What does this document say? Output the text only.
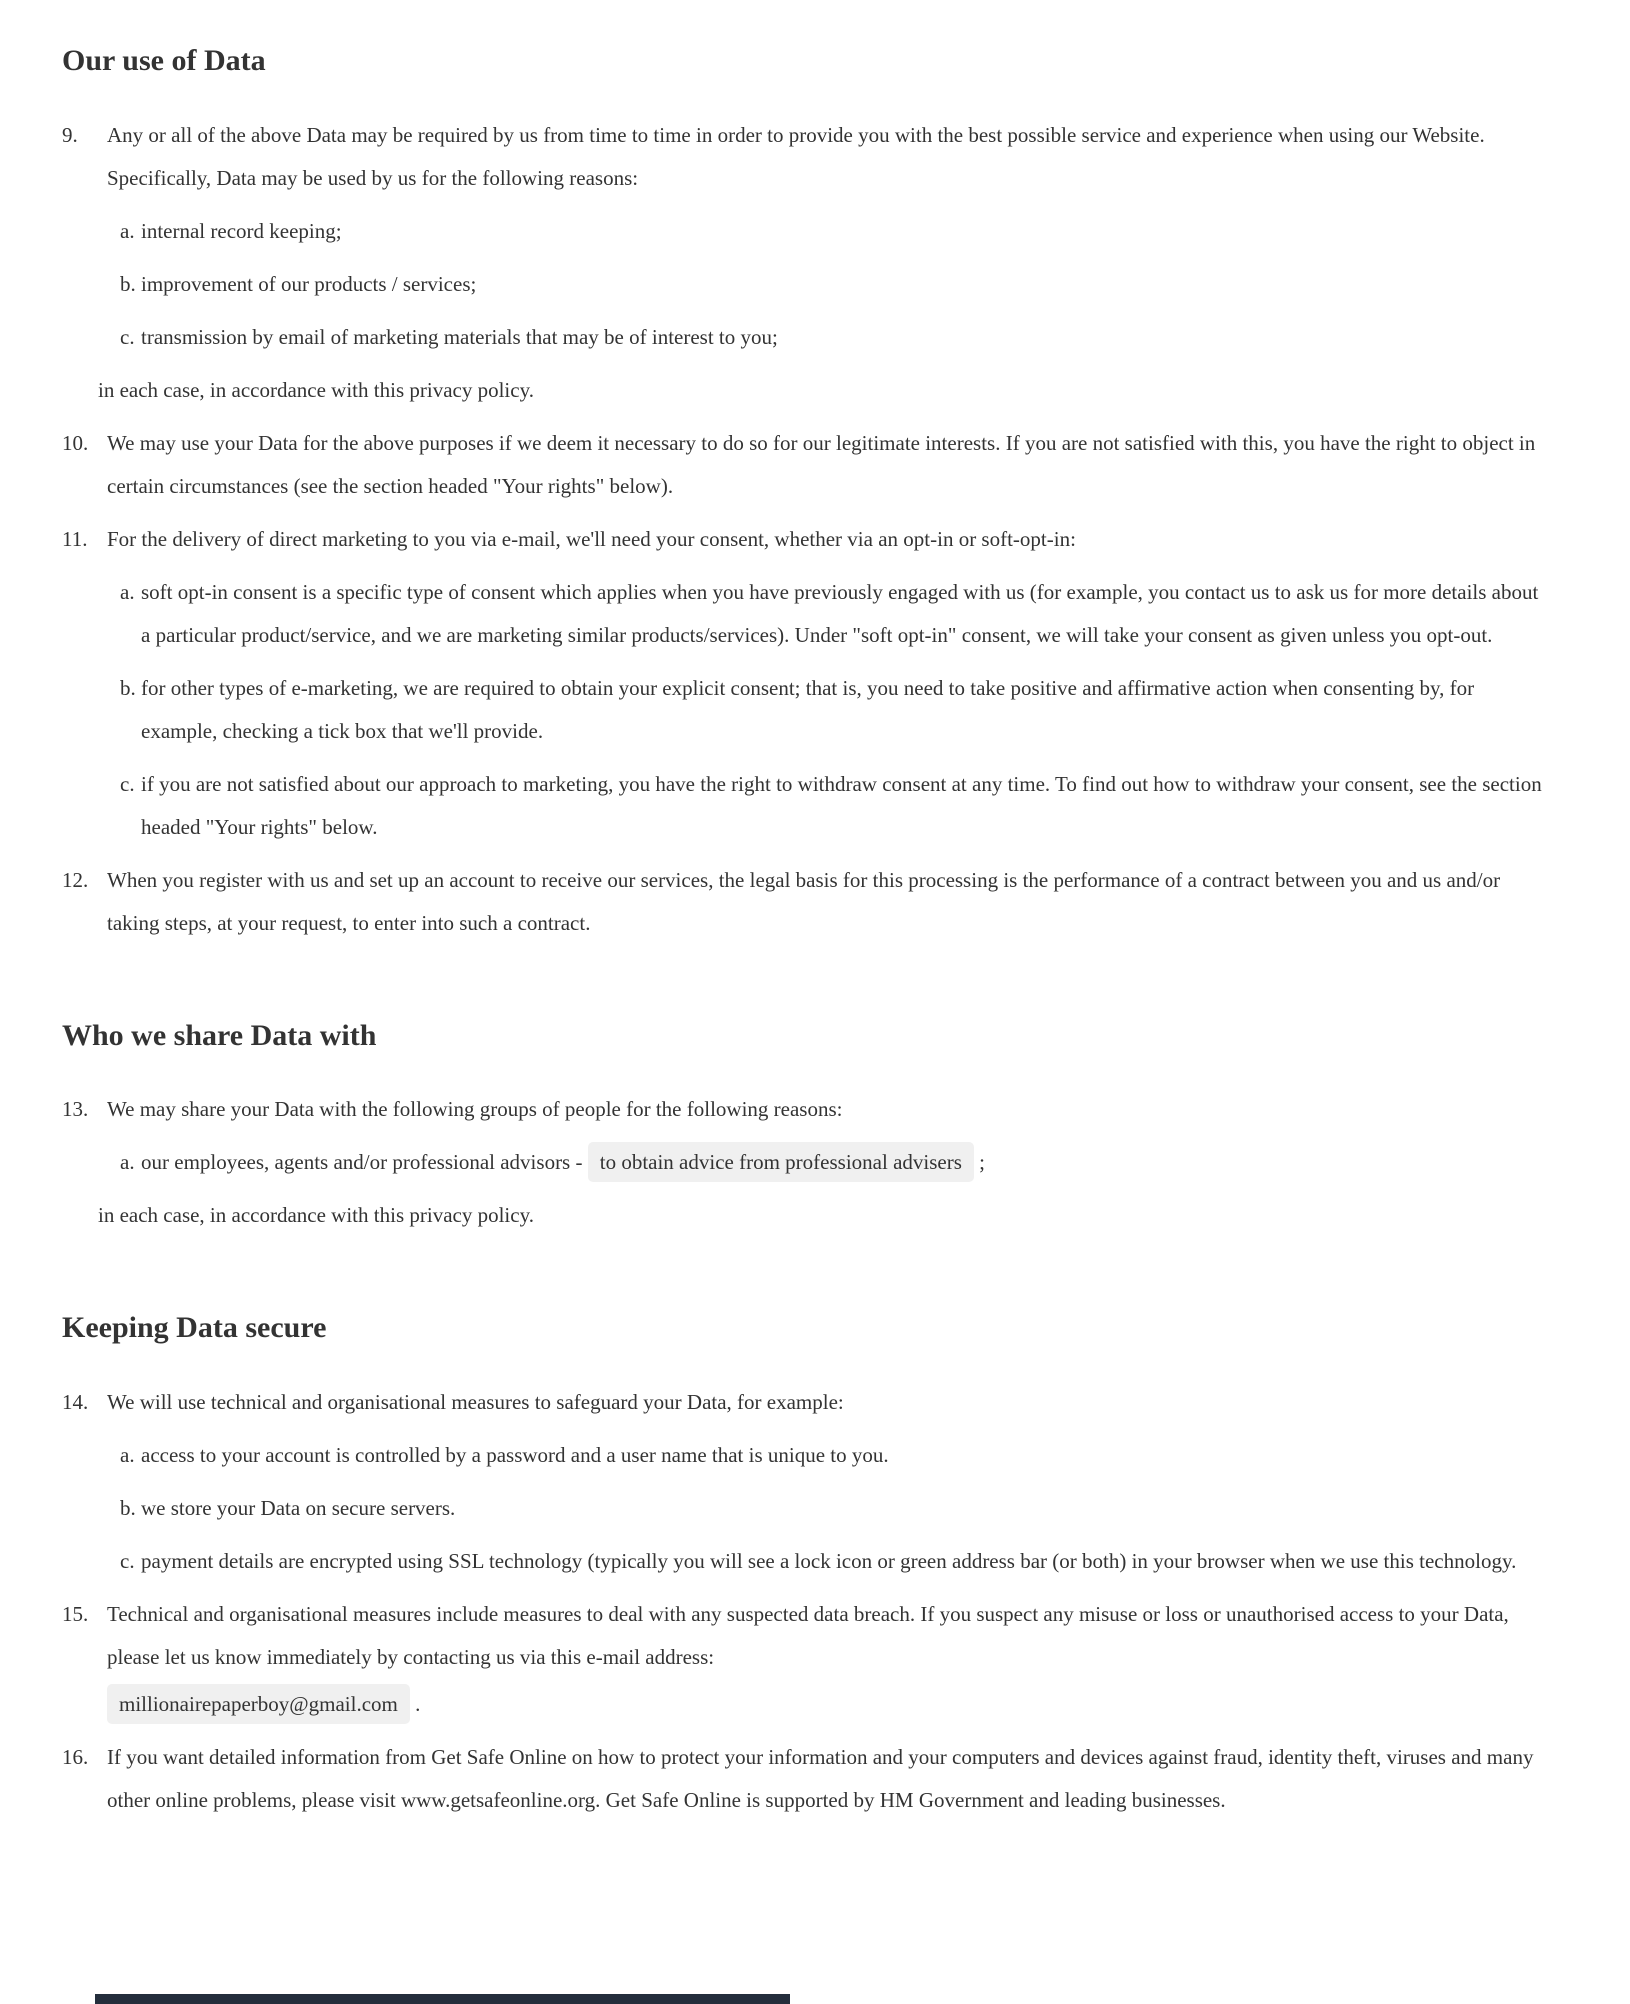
Our use of Data
9.	Any or all of the above Data may be required by us from time to time in order to provide you with the best possible service and experience when using our Website. Specifically, Data may be used by us for the following reasons:
a. internal record keeping;
b. improvement of our products / services;
c. transmission by email of marketing materials that may be of interest to you;
in each case, in accordance with this privacy policy.
10. We may use your Data for the above purposes if we deem it necessary to do so for our legitimate interests. If you are not satisfied with this, you have the right to object in certain circumstances (see the section headed "Your rights" below).
11. For the delivery of direct marketing to you via e-mail, we'll need your consent, whether via an opt-in or soft-opt-in:
a. soft opt-in consent is a specific type of consent which applies when you have previously engaged with us (for example, you contact us to ask us for more details about a particular product/service, and we are marketing similar products/services). Under "soft opt-in" consent, we will take your consent as given unless you opt-out.
b. for other types of e-marketing, we are required to obtain your explicit consent; that is, you need to take positive and affirmative action when consenting by, for example, checking a tick box that we'll provide.
c. if you are not satisfied about our approach to marketing, you have the right to withdraw consent at any time. To find out how to withdraw your consent, see the section headed "Your rights" below.
12. When you register with us and set up an account to receive our services, the legal basis for this processing is the performance of a contract between you and us and/or taking steps, at your request, to enter into such a contract.
Who we share Data with
13. We may share your Data with the following groups of people for the following reasons:
a. our employees, agents and/or professional advisors - to obtain advice from professional advisers ;
in each case, in accordance with this privacy policy.
Keeping Data secure
14. We will use technical and organisational measures to safeguard your Data, for example:
a. access to your account is controlled by a password and a user name that is unique to you.
b. we store your Data on secure servers.
c. payment details are encrypted using SSL technology (typically you will see a lock icon or green address bar (or both) in your browser when we use this technology.
15. Technical and organisational measures include measures to deal with any suspected data breach. If you suspect any misuse or loss or unauthorised access to your Data, please let us know immediately by contacting us via this e-mail address:
millionairepaperboy@gmail.com .
16. If you want detailed information from Get Safe Online on how to protect your information and your computers and devices against fraud, identity theft, viruses and many other online problems, please visit www.getsafeonline.org. Get Safe Online is supported by HM Government and leading businesses.
